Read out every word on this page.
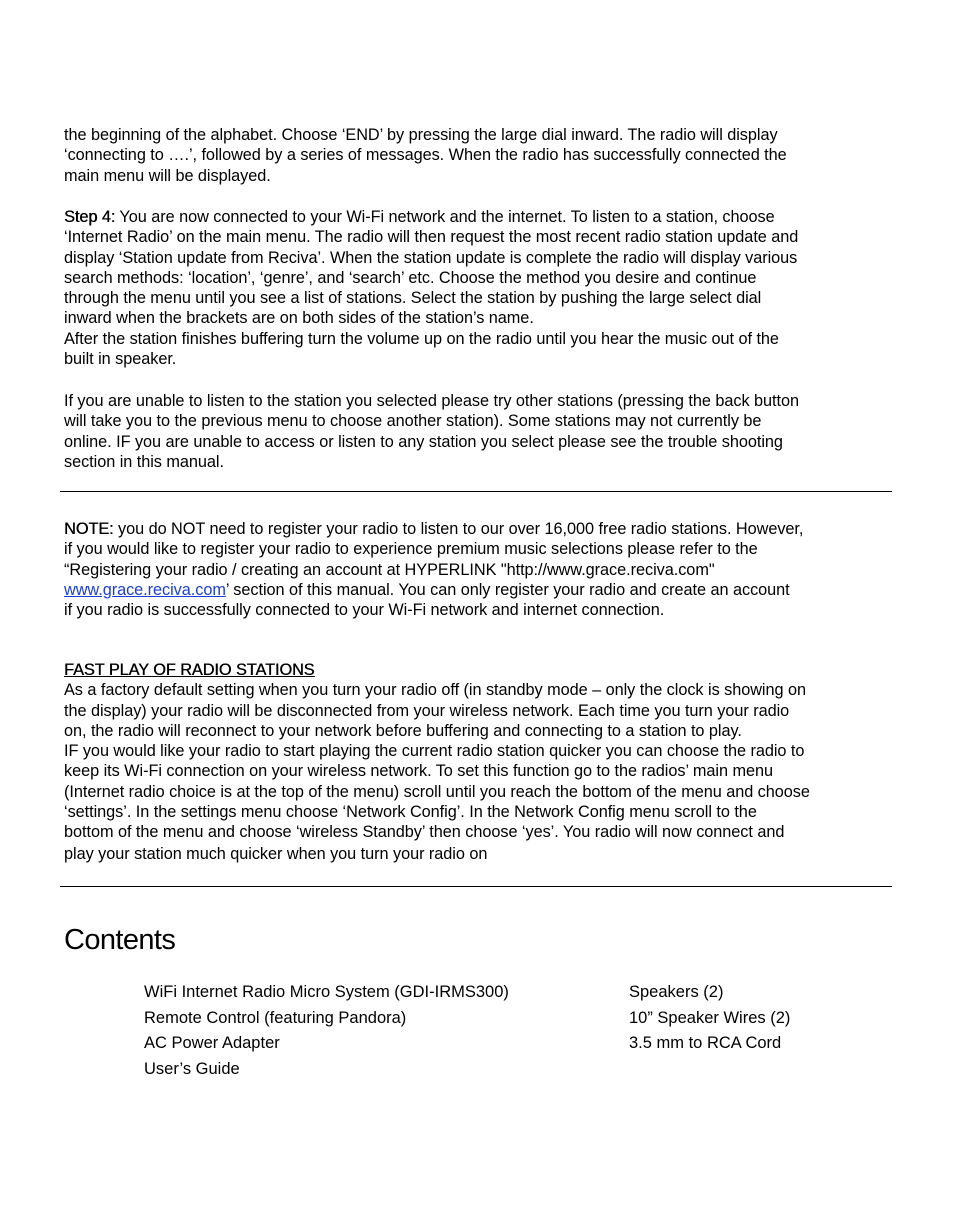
the beginning of the alphabet. Choose ‘END’ by pressing the large dial inward. The radio will display

‘connecting to ….’, followed by a series of messages. When the radio has successfully connected the

main menu will be displayed.

Step 4: You are now connected to your Wi-Fi network and the internet. To listen to a station, choose

‘Internet Radio’ on the main menu. The radio will then request the most recent radio station update and

display ‘Station update from Reciva’. When the station update is complete the radio will display various

search methods: ‘location’, ‘genre’, and ‘search’ etc. Choose the method you desire and continue

through the menu until you see a list of stations. Select the station by pushing the large select dial

inward when the brackets are on both sides of the station’s name.

After the station finishes buffering turn the volume up on the radio until you hear the music out of the

built in speaker.

If you are unable to listen to the station you selected please try other stations (pressing the back button

will take you to the previous menu to choose another station). Some stations may not currently be

online. IF you are unable to access or listen to any station you select please see the trouble shooting

section in this manual.

NOTE: you do NOT need to register your radio to listen to our over 16,000 free radio stations. However,

if you would like to register your radio to experience premium music selections please refer to the

“Registering your radio / creating an account at HYPERLINK "http://www.grace.reciva.com"

www.grace.reciva.com’ section of this manual. You can only register your radio and create an account

if you radio is successfully connected to your Wi-Fi network and internet connection.

FAST PLAY OF RADIO STATIONS

As a factory default setting when you turn your radio off (in standby mode – only the clock is showing on

the display) your radio will be disconnected from your wireless network. Each time you turn your radio

on, the radio will reconnect to your network before buffering and connecting to a station to play.

IF you would like your radio to start playing the current radio station quicker you can choose the radio to

keep its Wi-Fi connection on your wireless network. To set this function go to the radios’ main menu

(Internet radio choice is at the top of the menu) scroll until you reach the bottom of the menu and choose

‘settings’. In the settings menu choose ‘Network Config’. In the Network Config menu scroll to the

bottom of the menu and choose ‘wireless Standby’ then choose ‘yes’. You radio will now connect and

play your station much quicker when you turn your radio on

Contents
WiFi Internet Radio Micro System (GDI-IRMS300)	Speakers (2)
Remote Control (featuring Pandora)	10” Speaker Wires (2)
AC Power Adapter	3.5 mm to RCA Cord
User’s Guide
